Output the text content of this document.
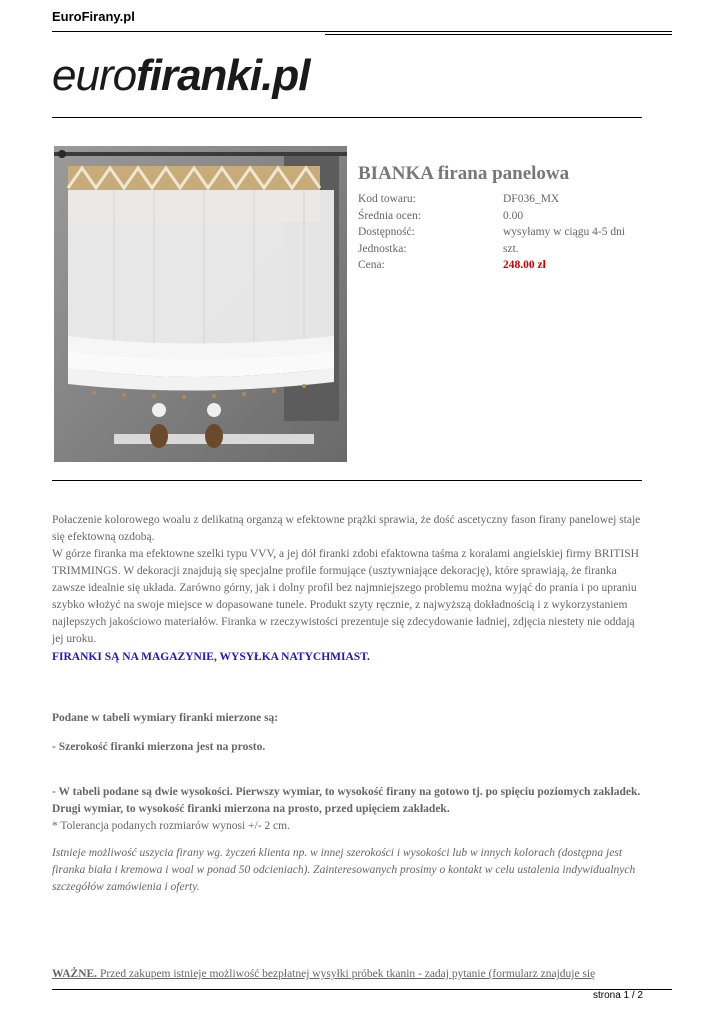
EuroFirany.pl
eurofiranki.pl
BIANKA firana panelowa
Kod towaru:	DF036_MX
Średnia ocen:	0.00
Dostępność:	wysyłamy w ciągu 4-5 dni
Jednostka:	szt.
Cena:	248.00 zł
Połaczenie kolorowego woalu z delikatną organzą w efektowne prążki sprawia, że dość ascetyczny fason firany panelowej staje się efektowną ozdobą.
W górze firanka ma efektowne szelki typu VVV, a jej dół firanki zdobi efaktowna taśma z koralami angielskiej firmy BRITISH TRIMMINGS. W dekoracji znajdują się specjalne profile formujące (usztywniające dekorację), które sprawiają, że firanka zawsze idealnie się układa. Zarówno górny, jak i dolny profil bez najmniejszego problemu można wyjąć do prania i po upraniu szybko włożyć na swoje miejsce w dopasowane tunele. Produkt szyty ręcznie, z najwyższą dokładnością i z wykorzystaniem najlepszych jakościowo materiałów. Firanka w rzeczywistości prezentuje się zdecydowanie ładniej, zdjęcia niestety nie oddają jej uroku.
FIRANKI SĄ NA MAGAZYNIE, WYSYŁKA NATYCHMIAST.
Podane w tabeli wymiary firanki mierzone są:
- Szerokość firanki mierzona jest na prosto.
- W tabeli podane są dwie wysokości. Pierwszy wymiar, to wysokość firany na gotowo tj. po spięciu poziomych zakładek. Drugi wymiar, to wysokość firanki mierzona na prosto, przed upięciem zakładek.
* Tolerancja podanych rozmiarów wynosi +/- 2 cm.
Istnieje możliwość uszycia firany wg. życzeń klienta np. w innej szerokości i wysokości lub w innych kolorach (dostępna jest firanka biała i kremowa i woal w ponad 50 odcieniach). Zainteresowanych prosimy o kontakt w celu ustalenia indywidualnych szczegółów zamówienia i oferty.
WAŻNE. Przed zakupem istnieje możliwość bezpłatnej wysyłki próbek tkanin - zadaj pytanie (formularz znajduje się
strona 1 / 2
